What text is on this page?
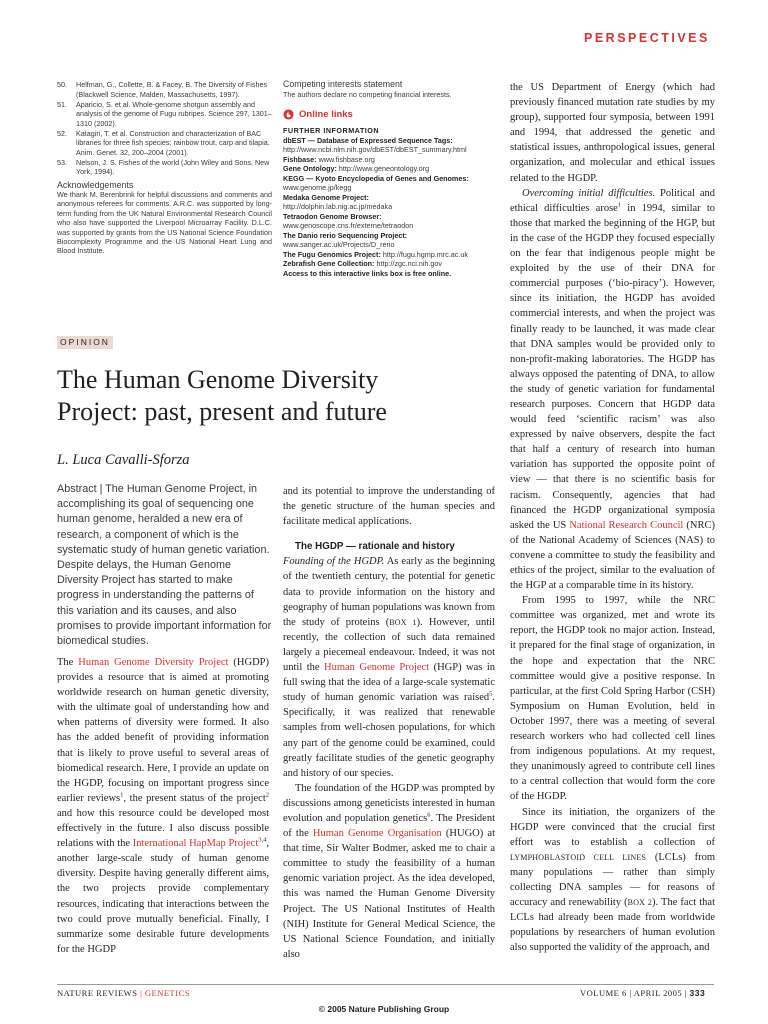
PERSPECTIVES
50. Helfman, G., Collette, B. & Facey, B. The Diversity of Fishes (Blackwell Science, Malden, Massachusetts, 1997).
51. Aparicio, S. et al. Whole-genome shotgun assembly and analysis of the genome of Fugu rubripes. Science 297, 1301–1310 (2002).
52. Katagiri, T. et al. Construction and characterization of BAC libraries for three fish species; rainbow trout, carp and tilapia. Anim. Genet. 32, 200–2004 (2001).
53. Nelson, J. S. Fishes of the world (John Wiley and Sons, New York, 1994).
Acknowledgements
We thank M. Berenbrink for helpful discussions and comments and anonymous referees for comments. A.R.C. was supported by long-term funding from the UK Natural Environmental Research Council who also have supported the Liverpool Microarray Facility. D.L.C. was supported by grants from the US National Science Foundation Biocomplexity Programme and the US National Heart Lung and Blood Institute.
Competing interests statement
The authors declare no competing financial interests.
Online links
FURTHER INFORMATION
dbEST — Database of Expressed Sequence Tags:
http://www.ncbi.nlm.nih.gov/dbEST/dbEST_summary.html
Fishbase: www.fishbase.org
Gene Ontology: http://www.geneontology.org
KEGG — Kyoto Encyclopedia of Genes and Genomes:
www.genome.jp/kegg
Medaka Genome Project:
http://dolphin.lab.nig.ac.jp/medaka
Tetraodon Genome Browser:
www.genoscope.cns.fr/externe/tetraodon
The Danio rerio Sequencing Project:
www.sanger.ac.uk/Projects/D_rerio
The Fugu Genomics Project: http://fugu.hgmp.mrc.ac.uk
Zebrafish Gene Collection: http://zgc.nci.nih.gov
Access to this interactive links box is free online.
OPINION
The Human Genome Diversity Project: past, present and future
L. Luca Cavalli-Sforza
Abstract | The Human Genome Project, in accomplishing its goal of sequencing one human genome, heralded a new era of research, a component of which is the systematic study of human genetic variation. Despite delays, the Human Genome Diversity Project has started to make progress in understanding the patterns of this variation and its causes, and also promises to provide important information for biomedical studies.

The Human Genome Diversity Project (HGDP) provides a resource that is aimed at promoting worldwide research on human genetic diversity, with the ultimate goal of understanding how and when patterns of diversity were formed. It also has the added benefit of providing information that is likely to prove useful to several areas of biomedical research. Here, I provide an update on the HGDP, focusing on important progress since earlier reviews$^1$, the present status of the project$^2$ and how this resource could be developed most effectively in the future. I also discuss possible relations with the International HapMap Project$^{3,4}$, another large-scale study of human genome diversity. Despite having generally different aims, the two projects provide complementary resources, indicating that interactions between the two could prove mutually beneficial. Finally, I summarize some desirable future developments for the HGDP

and its potential to improve the understanding of the genetic structure of the human species and facilitate medical applications.

The HGDP — rationale and history

Founding of the HGDP. As early as the beginning of the twentieth century, the potential for genetic data to provide information on the history and geography of human populations was known from the study of proteins (BOX 1). However, until recently, the collection of such data remained largely a piecemeal endeavour. Indeed, it was not until the Human Genome Project (HGP) was in full swing that the idea of a large-scale systematic study of human genomic variation was raised$^5$. Specifically, it was realized that renewable samples from well-chosen populations, for which any part of the genome could be examined, could greatly facilitate studies of the genetic geography and history of our species.

The foundation of the HGDP was prompted by discussions among geneticists interested in human evolution and population genetics$^6$. The President of the Human Genome Organisation (HUGO) at that time, Sir Walter Bodmer, asked me to chair a committee to study the feasibility of a human genomic variation project. As the idea developed, this was named the Human Genome Diversity Project. The US National Institutes of Health (NIH) Institute for General Medical Science, the US National Science Foundation, and initially also

the US Department of Energy (which had previously financed mutation rate studies by my group), supported four symposia, between 1991 and 1994, that addressed the genetic and statistical issues, anthropological issues, general organization, and molecular and ethical issues related to the HGDP.

Overcoming initial difficulties. Political and ethical difficulties arose$^1$ in 1994, similar to those that marked the beginning of the HGP, but in the case of the HGDP they focused especially on the fear that indigenous people might be exploited by the use of their DNA for commercial purposes (‘bio-piracy’). However, since its initiation, the HGDP has avoided commercial interests, and when the project was finally ready to be launched, it was made clear that DNA samples would be provided only to non-profit-making laboratories. The HGDP has always opposed the patenting of DNA, to allow the study of genetic variation for fundamental research purposes. Concern that HGDP data would feed ‘scientific racism’ was also expressed by naive observers, despite the fact that half a century of research into human variation has supported the opposite point of view — that there is no scientific basis for racism. Consequently, agencies that had financed the HGDP organizational symposia asked the US National Research Council (NRC) of the National Academy of Sciences (NAS) to convene a committee to study the feasibility and ethics of the project, similar to the evaluation of the HGP at a comparable time in its history.

From 1995 to 1997, while the NRC committee was organized, met and wrote its report, the HGDP took no major action. Instead, it prepared for the final stage of organization, in the hope and expectation that the NRC committee would give a positive response. In particular, at the first Cold Spring Harbor (CSH) Symposium on Human Evolution, held in October 1997, there was a meeting of several research workers who had collected cell lines from indigenous populations. At my request, they unanimously agreed to contribute cell lines to a central collection that would form the core of the HGDP.

Since its initiation, the organizers of the HGDP were convinced that the crucial first effort was to establish a collection of LYMPHOBLASTOID CELL LINES (LCLs) from many populations — rather than simply collecting DNA samples — for reasons of accuracy and renewability (BOX 2). The fact that LCLs had already been made from worldwide populations by researchers of human evolution also supported the validity of the approach, and

NATURE REVIEWS | GENETICS	VOLUME 6 | APRIL 2005 | 333
© 2005 Nature Publishing Group
